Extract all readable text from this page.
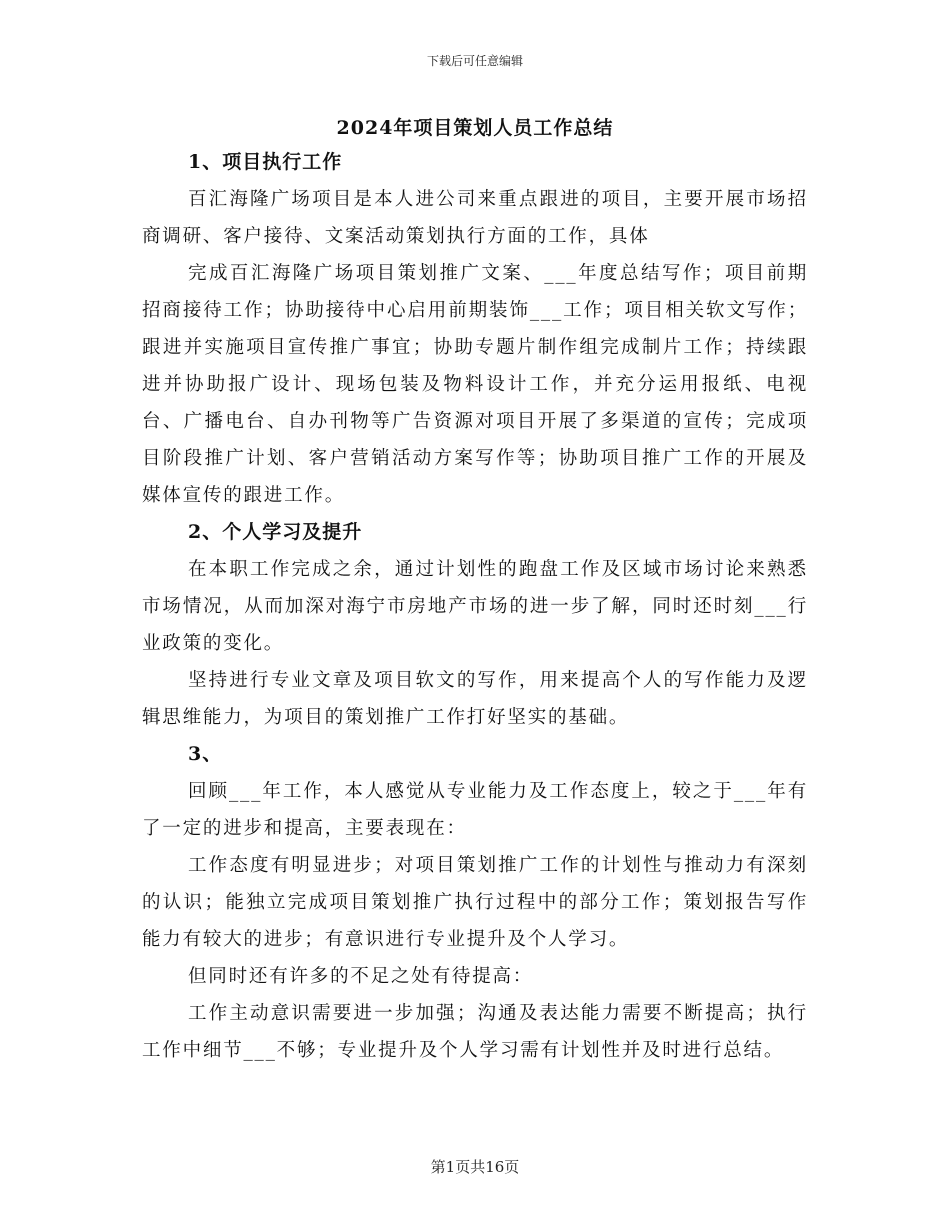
下载后可任意编辑
2024年项目策划人员工作总结

1、项目执行工作

百汇海隆广场项目是本人进公司来重点跟进的项目，主要开展市场招商调研、客户接待、文案活动策划执行方面的工作，具体

完成百汇海隆广场项目策划推广文案、___年度总结写作；项目前期招商接待工作；协助接待中心启用前期装饰___工作；项目相关软文写作；跟进并实施项目宣传推广事宜；协助专题片制作组完成制片工作；持续跟进并协助报广设计、现场包装及物料设计工作，并充分运用报纸、电视台、广播电台、自办刊物等广告资源对项目开展了多渠道的宣传；完成项目阶段推广计划、客户营销活动方案写作等；协助项目推广工作的开展及媒体宣传的跟进工作。

2、个人学习及提升

在本职工作完成之余，通过计划性的跑盘工作及区域市场讨论来熟悉市场情况，从而加深对海宁市房地产市场的进一步了解，同时还时刻___行业政策的变化。

坚持进行专业文章及项目软文的写作，用来提高个人的写作能力及逻辑思维能力，为项目的策划推广工作打好坚实的基础。

3、

回顾___年工作，本人感觉从专业能力及工作态度上，较之于___年有了一定的进步和提高，主要表现在：

工作态度有明显进步；对项目策划推广工作的计划性与推动力有深刻的认识；能独立完成项目策划推广执行过程中的部分工作；策划报告写作能力有较大的进步；有意识进行专业提升及个人学习。

但同时还有许多的不足之处有待提高：

工作主动意识需要进一步加强；沟通及表达能力需要不断提高；执行工作中细节___不够；专业提升及个人学习需有计划性并及时进行总结。

第1页共16页
